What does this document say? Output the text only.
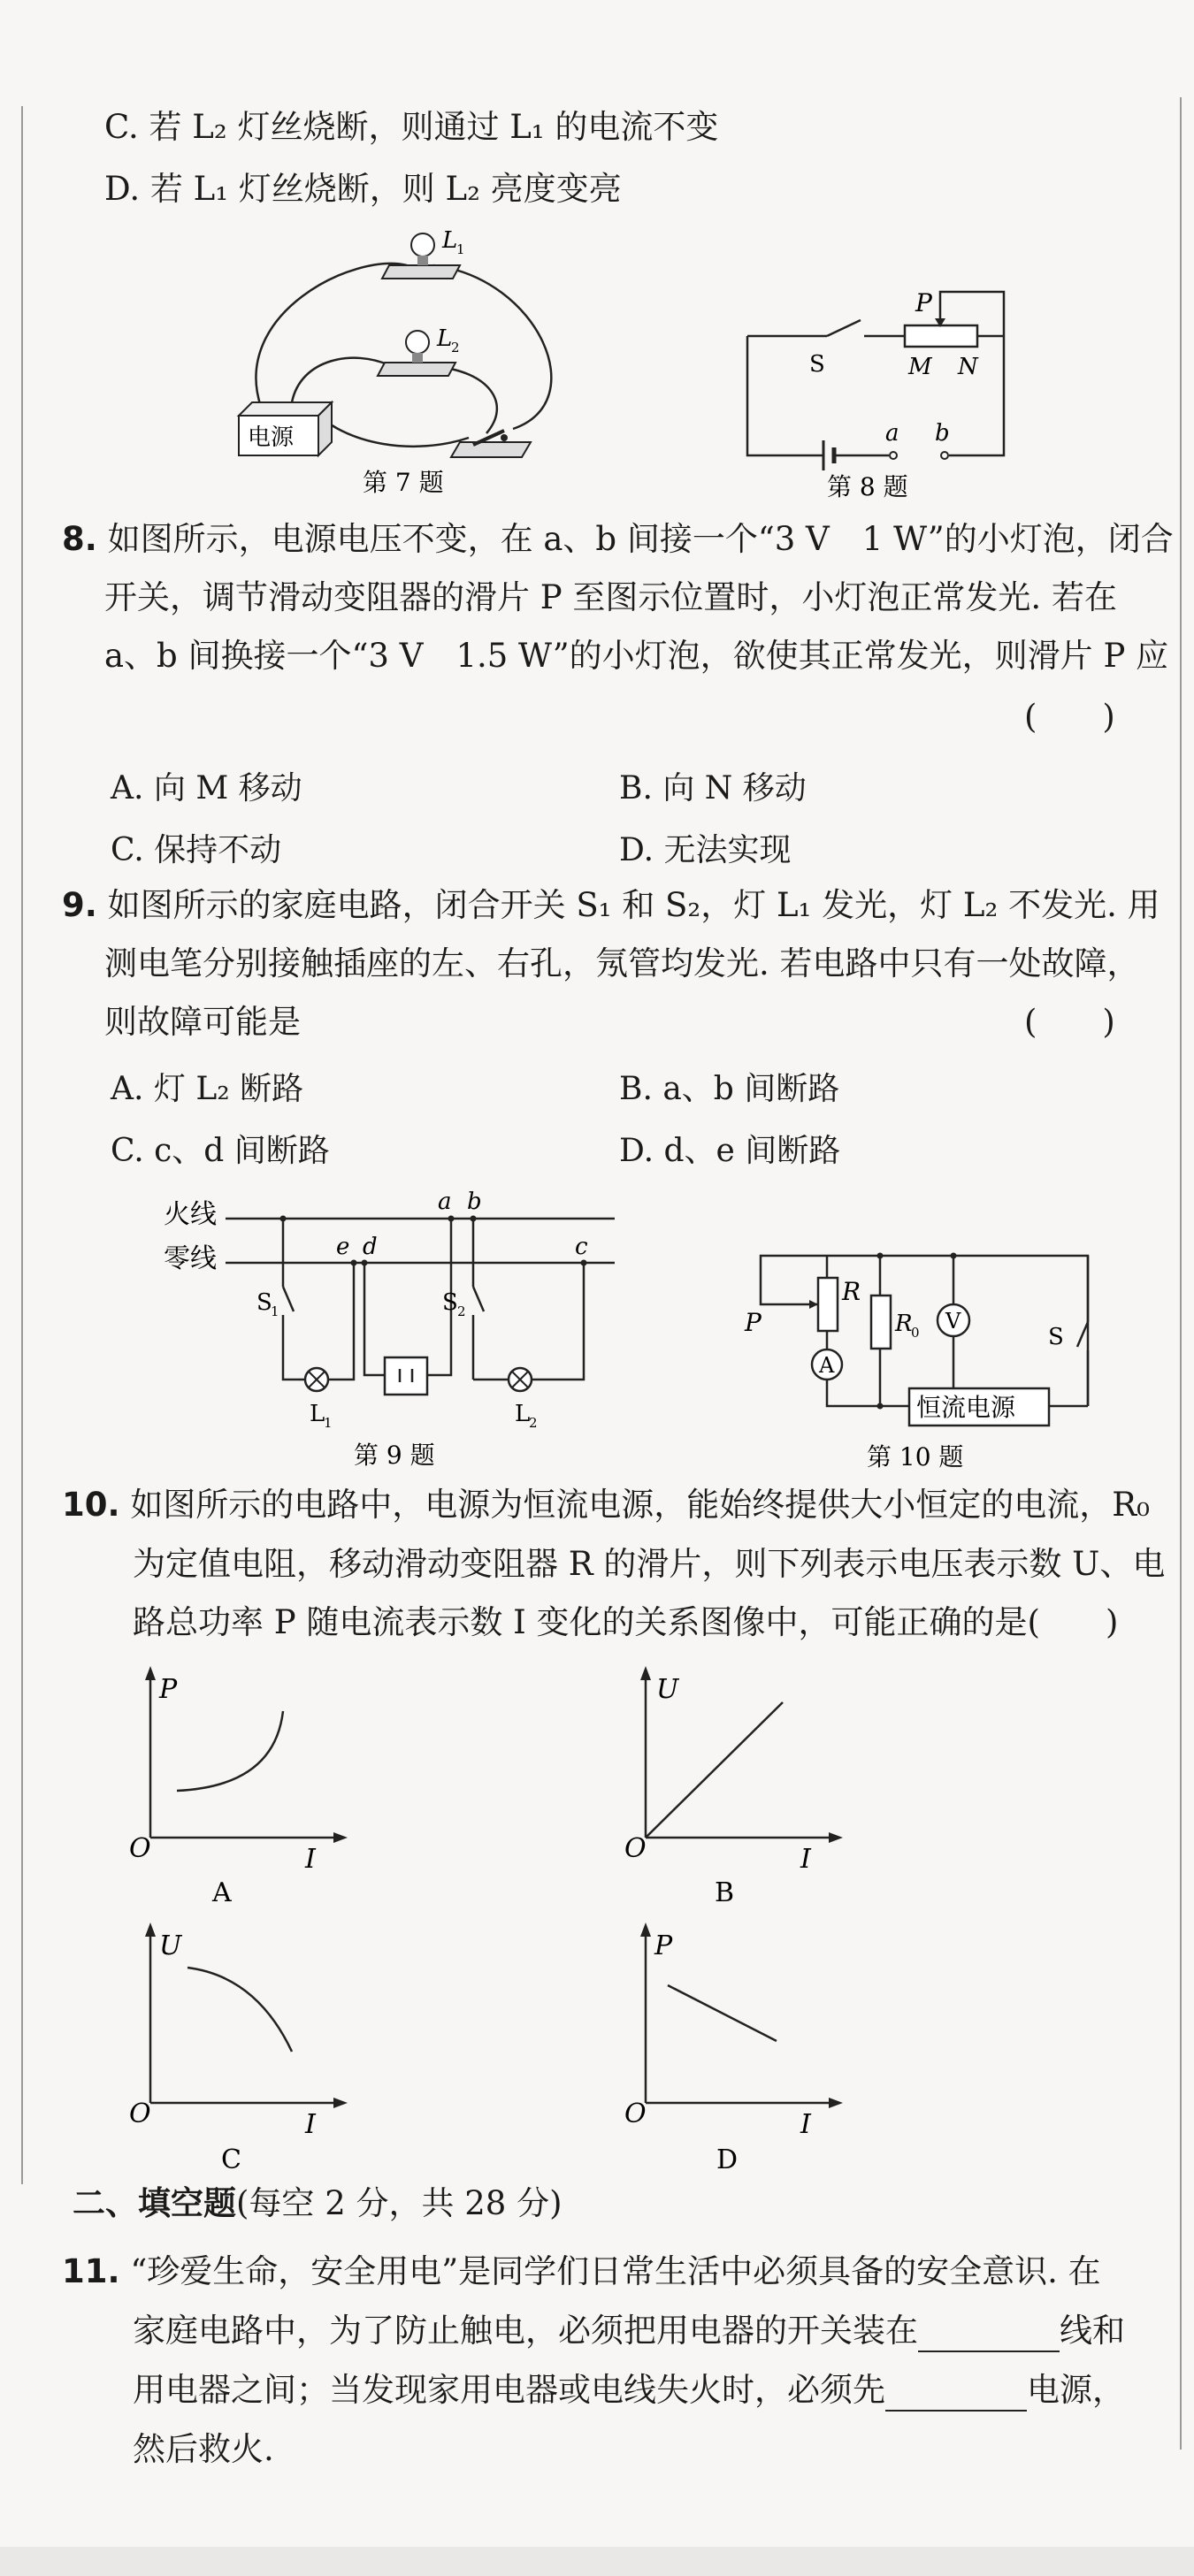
C. 若 L₂ 灯丝烧断，则通过 L₁ 的电流不变
D. 若 L₁ 灯丝烧断，则 L₂ 亮度变亮
L
1
L
2
电源
第 7 题
a b
S
P
M N
第 8 题
8. 如图所示，电源电压不变，在 a、b 间接一个“3 V　1 W”的小灯泡，闭合
开关，调节滑动变阻器的滑片 P 至图示位置时，小灯泡正常发光. 若在
a、b 间换接一个“3 V　1.5 W”的小灯泡，欲使其正常发光，则滑片 P 应
(　　)
A. 向 M 移动	B. 向 N 移动
C. 保持不动	D. 无法实现
9. 如图所示的家庭电路，闭合开关 S₁ 和 S₂，灯 L₁ 发光，灯 L₂ 不发光. 用
测电笔分别接触插座的左、右孔，氖管均发光. 若电路中只有一处故障，
则故障可能是	(　　)
A. 灯 L₂ 断路	B. a、b 间断路
C. c、d 间断路	D. d、e 间断路
火线
零线
S
1
L
1
e d
a b
S 2
c
L
2
第 9 题
R
P
A
R
0 V
S
恒流电源
第 10 题
10. 如图所示的电路中，电源为恒流电源，能始终提供大小恒定的电流，R₀
为定值电阻，移动滑动变阻器 R 的滑片，则下列表示电压表示数 U、电
路总功率 P 随电流表示数 I 变化的关系图像中，可能正确的是(　　)
P
O	I
A
U
O	I
B
U
O	I
C
P
O	I
D
二、填空题(每空 2 分，共 28 分)
11. “珍爱生命，安全用电”是同学们日常生活中必须具备的安全意识. 在
家庭电路中，为了防止触电，必须把用电器的开关装在	线和
用电器之间；当发现家用电器或电线失火时，必须先	电源，
然后救火.
